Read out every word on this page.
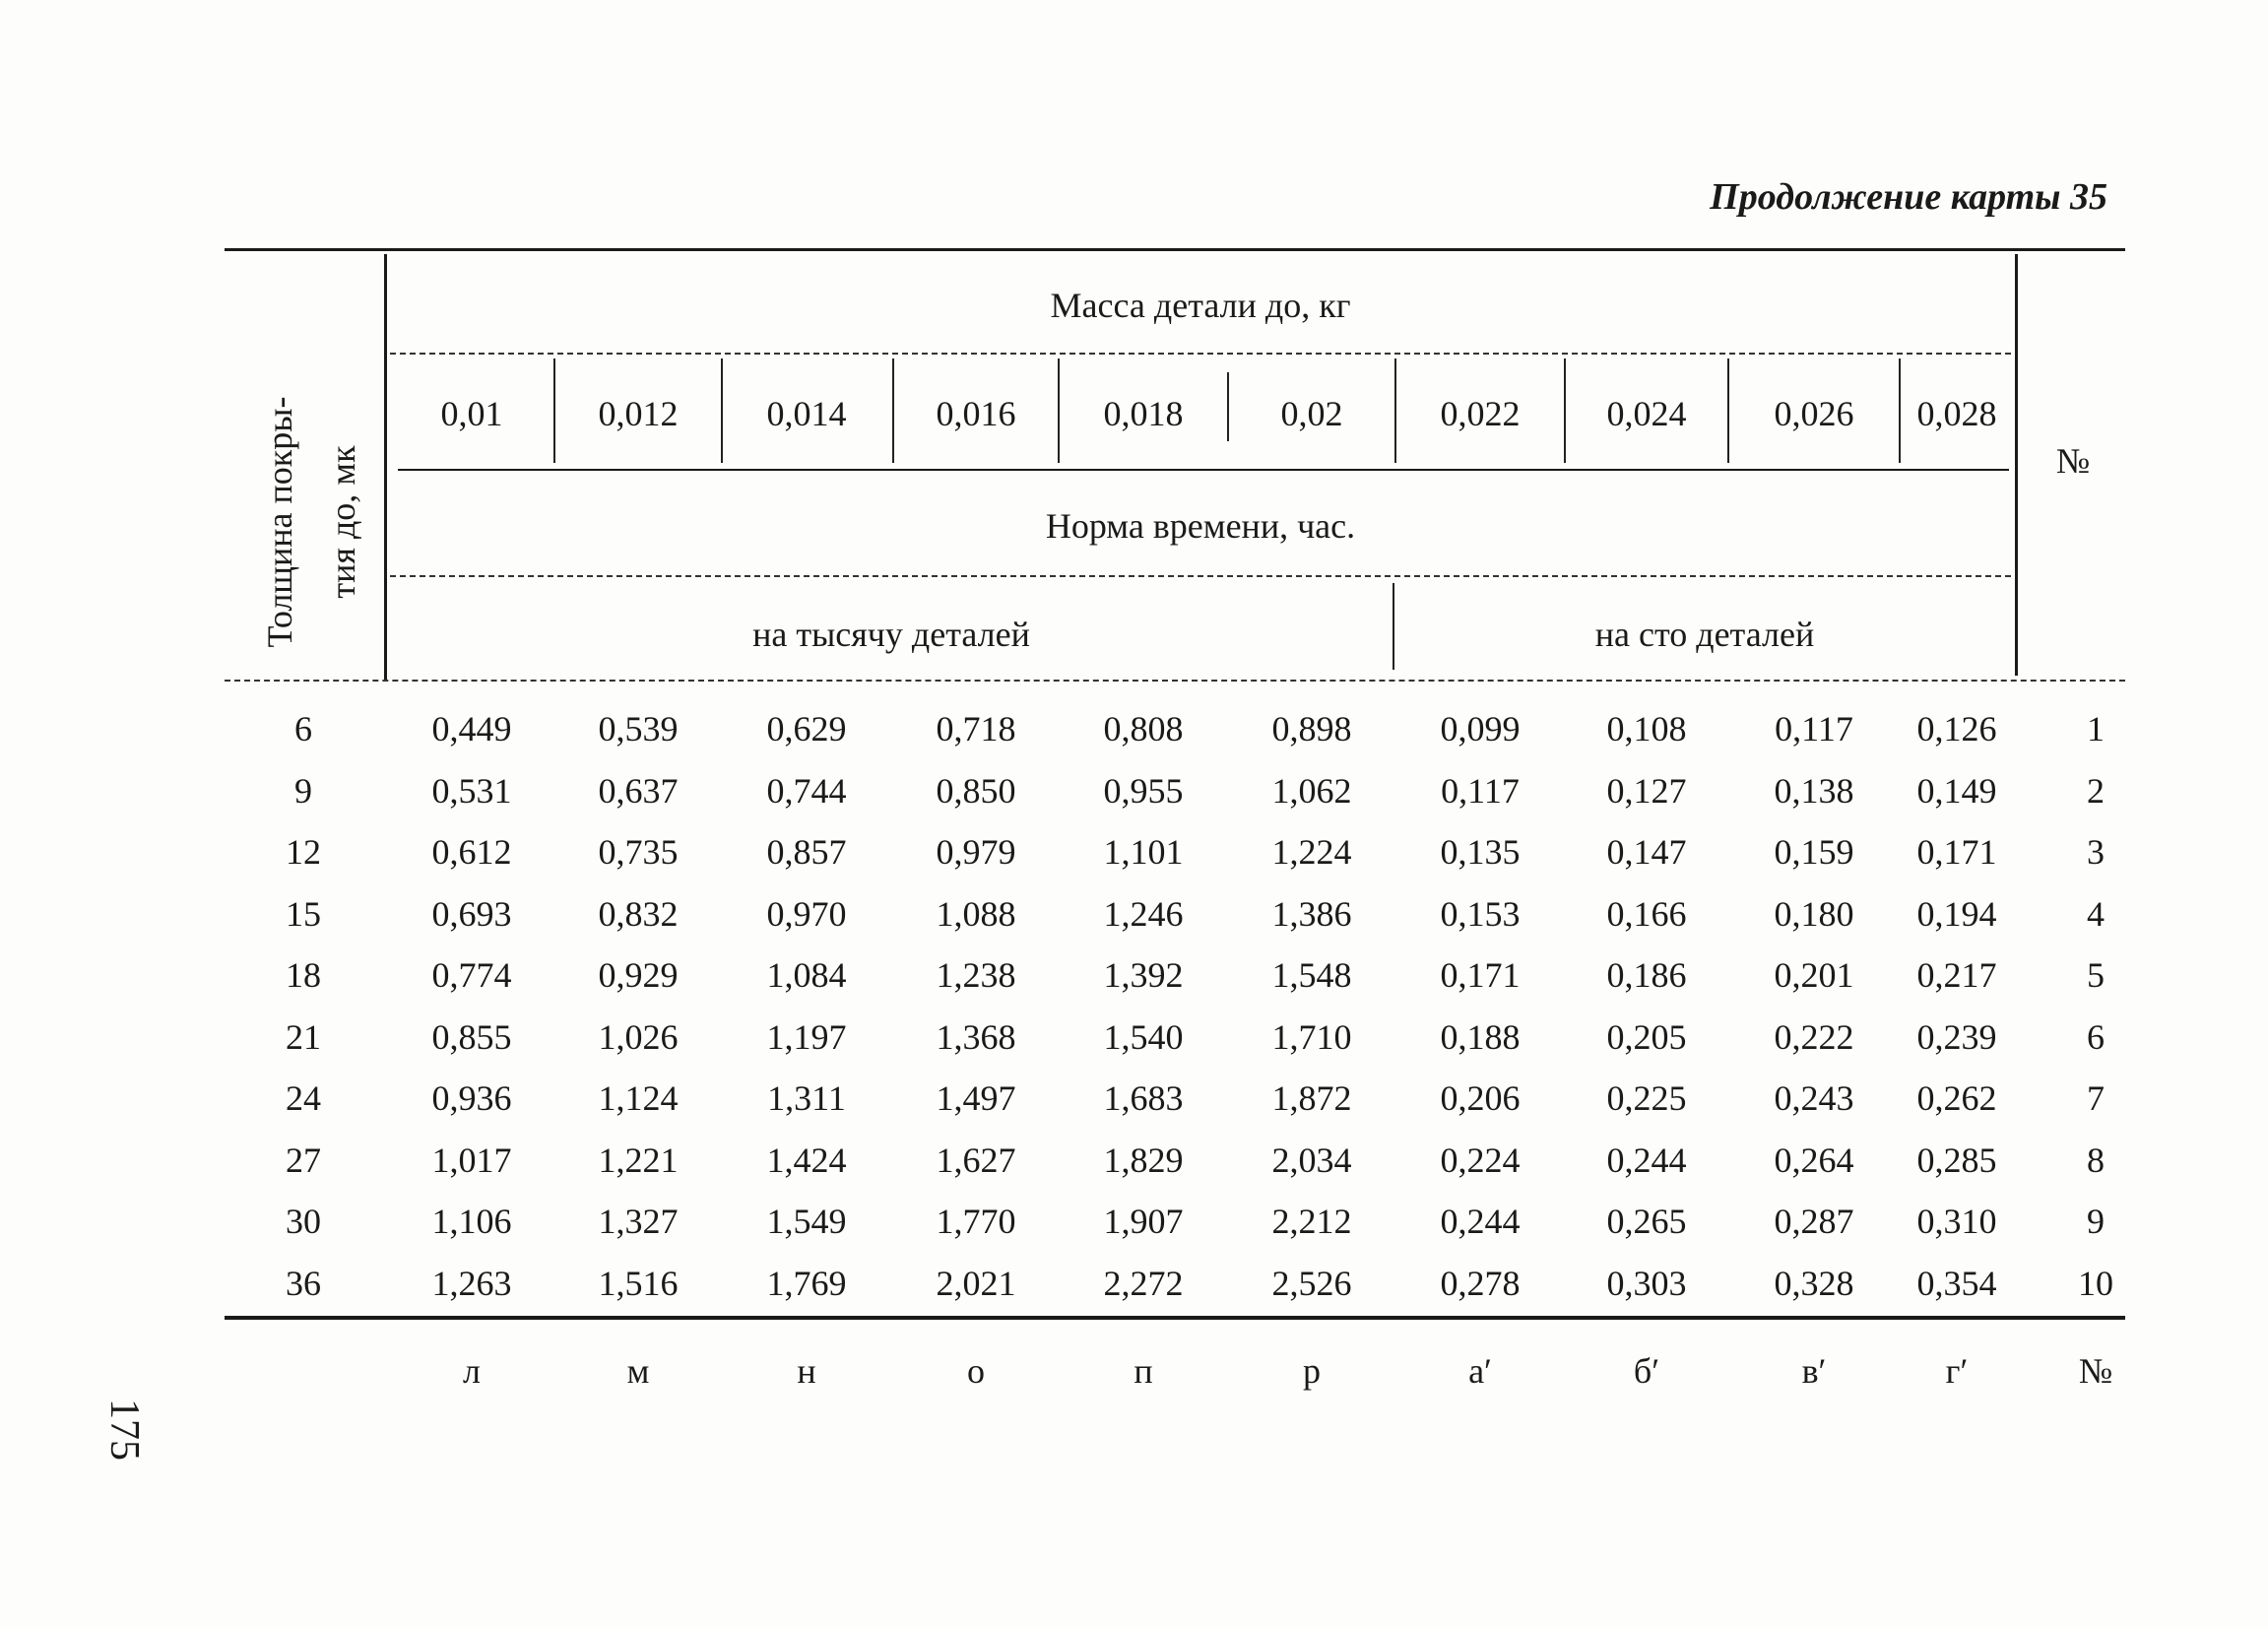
Продолжение карты 35
Толщина покры- тия до, мк
Масса детали до, кг
0,01	0,012	0,014	0,016	0,018	0,02	0,022	0,024	0,026	0,028
Норма времени, час.
на тысячу деталей	на сто деталей
№
6	0,449	0,539	0,629	0,718	0,808	0,898	0,099	0,108	0,117	0,126	1
9	0,531	0,637	0,744	0,850	0,955	1,062	0,117	0,127	0,138	0,149	2
12	0,612	0,735	0,857	0,979	1,101	1,224	0,135	0,147	0,159	0,171	3
15	0,693	0,832	0,970	1,088	1,246	1,386	0,153	0,166	0,180	0,194	4
18	0,774	0,929	1,084	1,238	1,392	1,548	0,171	0,186	0,201	0,217	5
21	0,855	1,026	1,197	1,368	1,540	1,710	0,188	0,205	0,222	0,239	6
24	0,936	1,124	1,311	1,497	1,683	1,872	0,206	0,225	0,243	0,262	7
27	1,017	1,221	1,424	1,627	1,829	2,034	0,224	0,244	0,264	0,285	8
30	1,106	1,327	1,549	1,770	1,907	2,212	0,244	0,265	0,287	0,310	9
36	1,263	1,516	1,769	2,021	2,272	2,526	0,278	0,303	0,328	0,354	10
л	м	н	о	п	р	а′	б′	в′	г′	№
175
